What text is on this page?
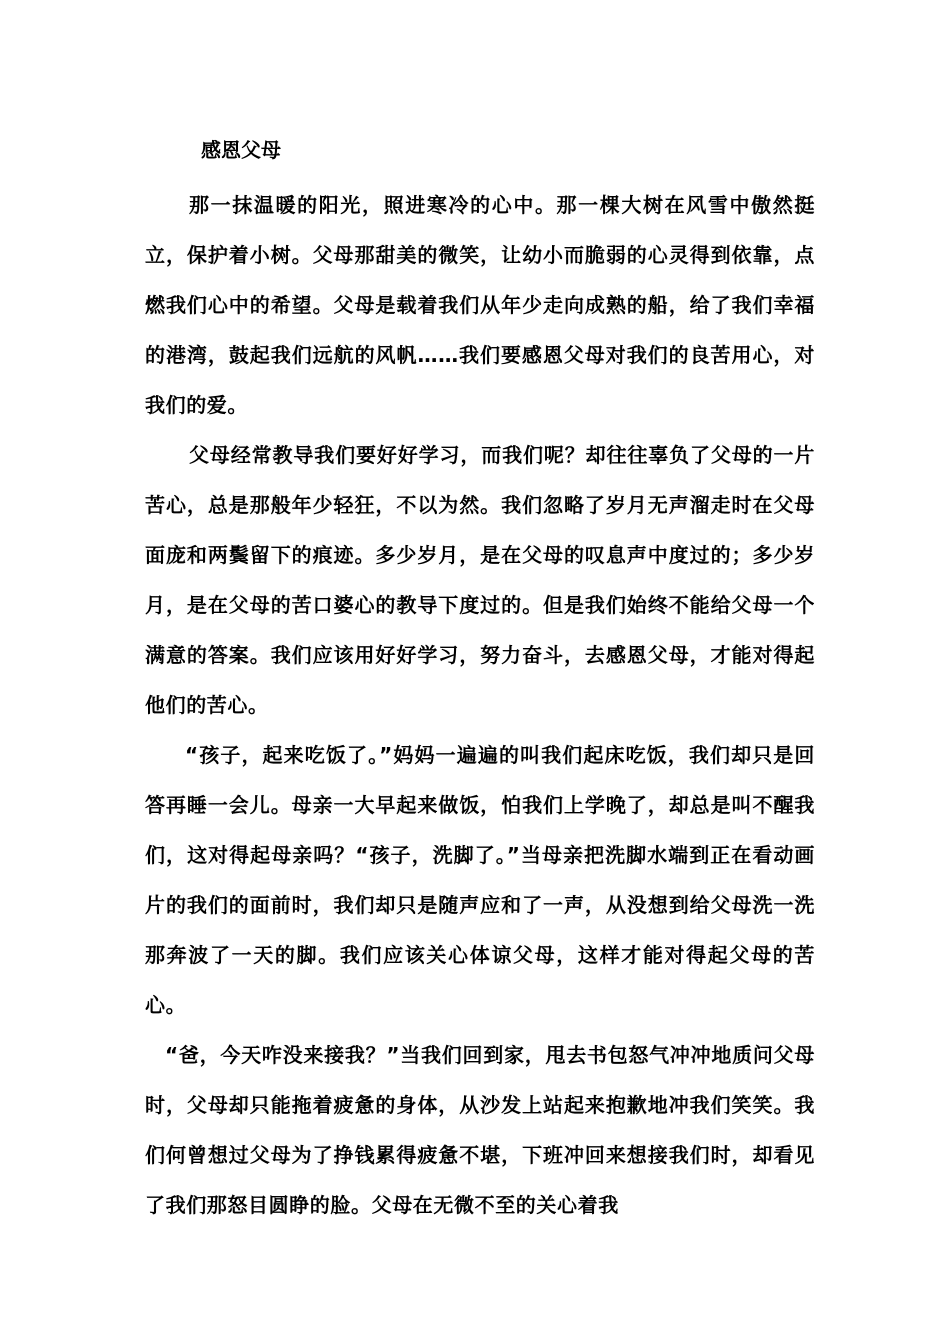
感恩父母

那一抹温暖的阳光，照进寒冷的心中。那一棵大树在风雪中傲然挺立，保护着小树。父母那甜美的微笑，让幼小而脆弱的心灵得到依靠，点燃我们心中的希望。父母是载着我们从年少走向成熟的船，给了我们幸福的港湾，鼓起我们远航的风帆……我们要感恩父母对我们的良苦用心，对我们的爱。

父母经常教导我们要好好学习，而我们呢？却往往辜负了父母的一片苦心，总是那般年少轻狂，不以为然。我们忽略了岁月无声溜走时在父母面庞和两鬓留下的痕迹。多少岁月，是在父母的叹息声中度过的；多少岁月，是在父母的苦口婆心的教导下度过的。但是我们始终不能给父母一个满意的答案。我们应该用好好学习，努力奋斗，去感恩父母，才能对得起他们的苦心。

“孩子，起来吃饭了。”妈妈一遍遍的叫我们起床吃饭，我们却只是回答再睡一会儿。母亲一大早起来做饭，怕我们上学晚了，却总是叫不醒我们，这对得起母亲吗？“孩子，洗脚了。”当母亲把洗脚水端到正在看动画片的我们的面前时，我们却只是随声应和了一声，从没想到给父母洗一洗那奔波了一天的脚。我们应该关心体谅父母，这样才能对得起父母的苦心。

“爸，今天咋没来接我？”当我们回到家，甩去书包怒气冲冲地质问父母时，父母却只能拖着疲惫的身体，从沙发上站起来抱歉地冲我们笑笑。我们何曾想过父母为了挣钱累得疲惫不堪，下班冲回来想接我们时，却看见了我们那怒目圆睁的脸。父母在无微不至的关心着我
